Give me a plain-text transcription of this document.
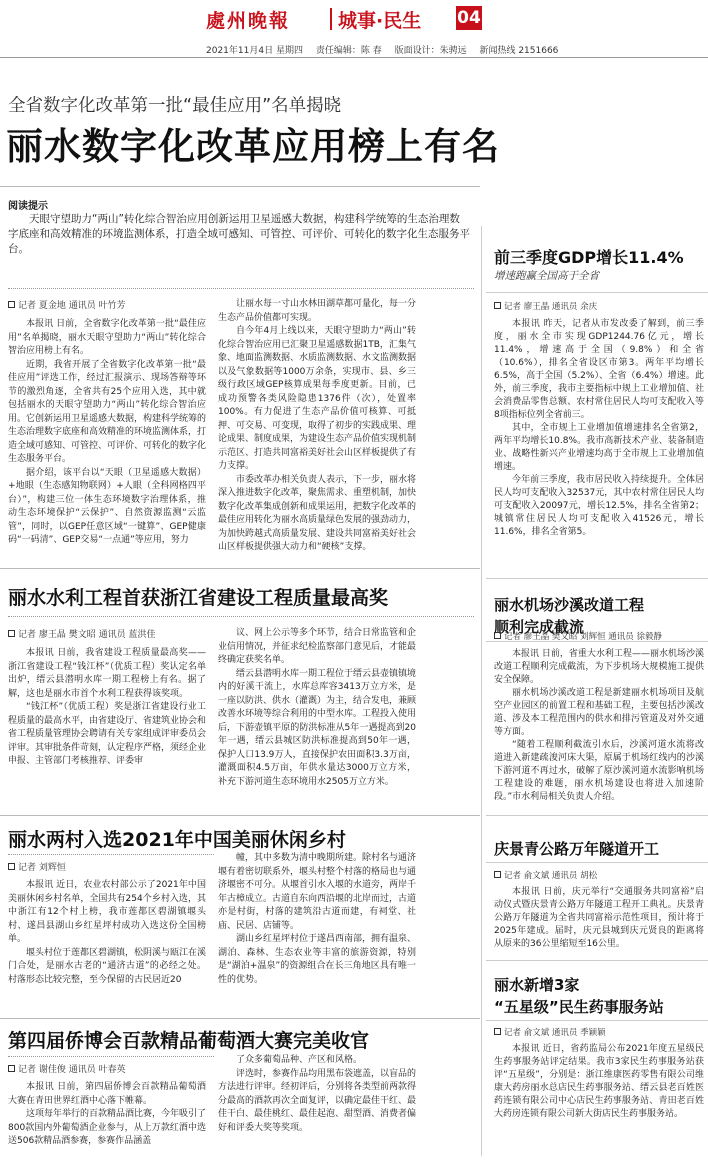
處州晚報	城事·民生 04
2021年11月4日 星期四 责任编辑：陈 春 版面设计：朱骋远 新闻热线 2151666
全省数字化改革第一批“最佳应用”名单揭晓
丽水数字化改革应用榜上有名
阅读提示
天眼守望助力“两山”转化综合智治应用创新运用卫星遥感大数据，构建科学统筹的生态治理数字底座和高效精准的环境监测体系，打造全域可感知、可管控、可评价、可转化的数字化生态服务平台。
记者 夏金地 通讯员 叶竹芳

本报讯 日前，全省数字化改革第一批“最佳应用”名单揭晓，丽水天眼守望助力“两山”转化综合智治应用榜上有名。

近期，我省开展了全省数字化改革第一批“最佳应用”评选工作，经过汇报演示、现场答辩等环节的激烈角逐，全省共有25个应用入选，其中就包括丽水的天眼守望助力“两山”转化综合智治应用。它创新运用卫星遥感大数据，构建科学统筹的生态治理数字底座和高效精准的环境监测体系，打造全域可感知、可管控、可评价、可转化的数字化生态服务平台。

据介绍，该平台以“天眼（卫星遥感大数据）+地眼（生态感知物联网）+人眼（全科网格四平台）”，构建三位一体生态环境数字治理体系，推动生态环境保护“云保护”、自然资源监测“云监管”，同时，以GEP任意区域“一键算”、GEP健康码“一码清”、GEP交易“一点通”等应用，努力

让丽水每一寸山水林田湖草都可量化，每一分生态产品价值都可实现。

自今年4月上线以来，天眼守望助力“两山”转化综合智治应用已汇聚卫星遥感数据1TB，汇集气象、地面监测数据、水质监测数据、水文监测数据以及气象数据等1000万余条，实现市、县、乡三级行政区域GEP核算成果每季度更新。目前，已成功预警各类风险隐患1376件（次），处置率100%。有力促进了生态产品价值可核算、可抵押、可交易、可变现，取得了初步的实践成果、理论成果、制度成果，为建设生态产品价值实现机制示范区、打造共同富裕美好社会山区样板提供了有力支撑。

市委改革办相关负责人表示，下一步，丽水将深入推进数字化改革，聚焦需求、重塑机制，加快数字化改革集成创新和成果运用，把数字化改革的最佳应用转化为丽水高质量绿色发展的强劲动力，为加快跨越式高质量发展、建设共同富裕美好社会山区样板提供强大动力和“硬核”支撑。

丽水水利工程首获浙江省建设工程质量最高奖
记者 廖王晶 樊文昭 通讯员 蓝洪佳

本报讯 日前，我省建设工程质量最高奖——浙江省建设工程“钱江杯”（优质工程）奖认定名单出炉，缙云县潜明水库一期工程榜上有名。据了解，这也是丽水市首个水利工程获得该奖项。

“钱江杯”（优质工程）奖是浙江省建设行业工程质量的最高水平，由省建设厅、省建筑业协会和省工程质量管理协会聘请有关专家组成评审委员会评审。其审批条件苛刻，认定程序严格，须经企业申报、主管部门考核推荐、评委审

议、网上公示等多个环节，结合日常监管和企业信用情况，并征求纪检监察部门意见后，才能最终确定获奖名单。

缙云县潜明水库一期工程位于缙云县壶镇镇境内的好溪干流上，水库总库容3413万立方米，是一座以防洪、供水（灌溉）为主，结合发电，兼顾改善水环境等综合利用的中型水库。工程投入使用后，下游壶镇平原的防洪标准从5年一遇提高到20年一遇，缙云县城区防洪标准提高到50年一遇，保护人口13.9万人，直接保护农田面积3.3万亩，灌溉面积4.5万亩，年供水量达3000万立方米，补充下游河道生态环境用水2505万立方米。

丽水两村入选2021年中国美丽休闲乡村
记者 刘辉恒

本报讯 近日，农业农村部公示了2021年中国美丽休闲乡村名单，全国共有254个乡村入选，其中浙江有12个村上榜，我市莲都区碧湖镇堰头村、遂昌县湖山乡红星坪村成功入选这份全国榜单。

堰头村位于莲都区碧湖镇，松阴溪与瓯江在溪门合处，是丽水古老的“通济古道”的必经之处。村落形态比较完整，至今保留的古民居近20

幢，其中多数为清中晚期所建。除村名与通济堰有着密切联系外，堰头村整个村落的格局也与通济堰密不可分。从堰首引水入堰的水道旁，两岸千年古樟成立。古道自东向西沿堰的北岸而过，古道亦是村街，村落的建筑沿古道而建，有祠堂、社庙、民居、店铺等。

湖山乡红星坪村位于遂昌西南部，拥有温泉、湖泊、森林、生态农业等丰富的旅游资源，特别是“湖泊+温泉”的资源组合在长三角地区具有唯一性的优势。

第四届侨博会百款精品葡萄酒大赛完美收官
记者 谢佳俊 通讯员 叶春英

本报讯 日前，第四届侨博会百款精品葡萄酒大赛在青田世界红酒中心落下帷幕。

这项每年举行的百款精品酒比赛，今年吸引了800款国内外葡萄酒企业参与，从上万款红酒中选送506款精品酒参赛，参赛作品涵盖

了众多葡萄品种、产区和风格。

评选时，参赛作品均用黑布袋遮盖，以盲品的方法进行评审。经初评后，分别将各类型前两款得分最高的酒款再次全面复评，以确定最佳干红、最佳干白、最佳桃红、最佳起泡、甜型酒、消费者偏好和评委大奖等奖项。

前三季度GDP增长11.4%
增速跑赢全国高于全省
记者 廖王晶 通讯员 余庆

本报讯 昨天，记者从市发改委了解到，前三季度，丽水全市实现GDP1244.76亿元，增长11.4%，增速高于全国（9.8%）和全省（10.6%），排名全省设区市第3。两年平均增长6.5%，高于全国（5.2%）、全省（6.4%）增速。此外，前三季度，我市主要指标中规上工业增加值、社会消费品零售总额、农村常住居民人均可支配收入等8项指标位列全省前三。

其中，全市规上工业增加值增速排名全省第2，两年平均增长10.8%。我市高新技术产业、装备制造业、战略性新兴产业增速均高于全市规上工业增加值增速。

今年前三季度，我市居民收入持续提升。全体居民人均可支配收入32537元，其中农村常住居民人均可支配收入20097元，增长12.5%，排名全省第2；城镇常住居民人均可支配收入41526元，增长11.6%，排名全省第5。

丽水机场沙溪改道工程
顺利完成截流
记者 廖王晶 樊文昭 刘辉恒 通讯员 徐毅静

本报讯 日前，省重大水利工程——丽水机场沙溪改道工程顺利完成截流，为下步机场大规模施工提供安全保障。

丽水机场沙溪改道工程是新建丽水机场项目及航空产业园区的前置工程和基础工程，主要包括沙溪改道、涉及本工程范围内的供水和排污管道及对外交通等方面。

“随着工程顺利截流引水后，沙溪河道水流将改道进入新建疏浚河床大渠，原属于机场红线内的沙溪下游河道不再过水，破解了原沙溪河道水流影响机场工程建设的难题，丽水机场建设也将进入加速阶段。”市水利局相关负责人介绍。

庆景青公路万年隧道开工
记者 俞文斌 通讯员 胡松

本报讯 日前，庆元举行“交通服务共同富裕”启动仪式暨庆景青公路万年隧道工程开工典礼。庆景青公路万年隧道为全省共同富裕示范性项目，预计将于2025年建成。届时，庆元县城到庆元贤良的距离将从原来的36公里缩短至16公里。

丽水新增3家
“五星级”民生药事服务站
记者 俞文斌 通讯员 季颖颖

本报讯 近日，省药监局公布2021年度五星级民生药事服务站评定结果。我市3家民生药事服务站获评“五星级”，分别是：浙江维康医药零售有限公司维康大药房丽水总店民生药事服务站、缙云县老百姓医药连锁有限公司中心店民生药事服务站、青田老百姓大药房连锁有限公司新大街店民生药事服务站。
